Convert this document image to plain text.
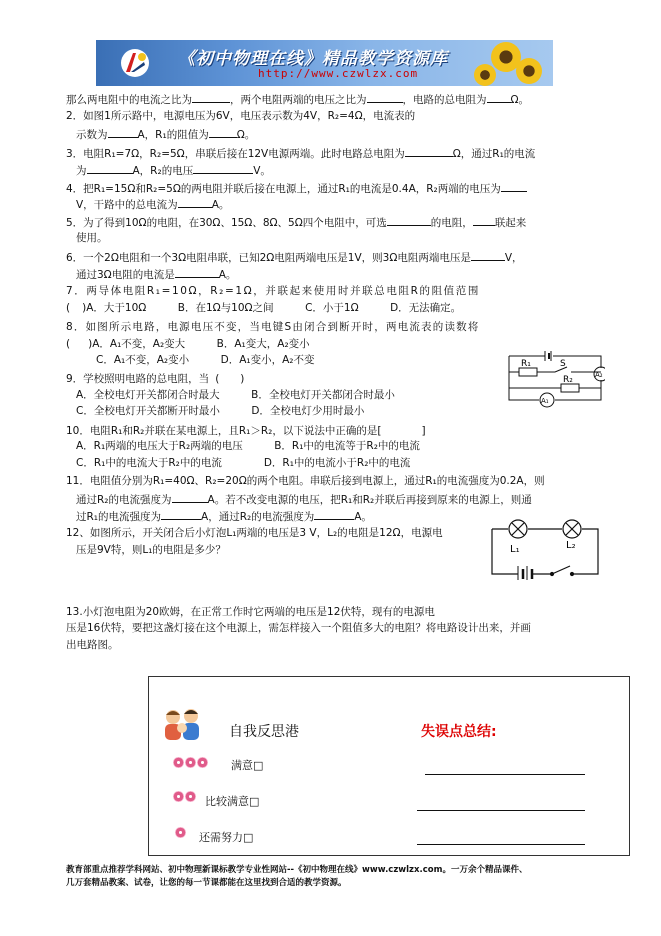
《初中物理在线》精品教学资源库
http://www.czwlzx.com
那么两电阻中的电流之比为	，两个电阻两端的电压之比为	，电路的总电阻为 Ω。
2．如图1所示路中，电源电压为6V，电压表示数为4V，R₂=4Ω，电流表的
示数为	A，R₁的阻值为	Ω。
3．电阻R₁=7Ω，R₂=5Ω，串联后接在12V电源两端。此时电路总电阻为	Ω，通过R₁的电流
为	A，R₂的电压	V。
4．把R₁=15Ω和R₂=5Ω的两电阻并联后接在电源上，通过R₁的电流是0.4A，R₂两端的电压为
V，干路中的总电流为	A。
5．为了得到10Ω的电阻，在30Ω、15Ω、8Ω、5Ω四个电阻中，可选	的电阻， 联起来
使用。
6．一个2Ω电阻和一个3Ω电阻串联，已知2Ω电阻两端电压是1V，则3Ω电阻两端电压是	V，
通过3Ω电阻的电流是	A。
7．两导体电阻R₁=10Ω，R₂=1Ω，并联起来使用时并联总电阻R的阻值范围
( )A．大于10Ω　　　B．在1Ω与10Ω之间　　　C．小于1Ω　　　D．无法确定。
8．如图所示电路，电源电压不变，当电键S由闭合到断开时，两电流表的读数将
( )A．A₁不变，A₂变大　　　B．A₁变大，A₂变小
C．A₁不变，A₂变小　　　D．A₁变小，A₂不变
9．学校照明电路的总电阻，当 (　　)
A．全校电灯开关都闭合时最大　　　B．全校电灯开关都闭合时最小
C．全校电灯开关都断开时最小　　　D．全校电灯少用时最小
10．电阻R₁和R₂并联在某电源上，且R₁＞R₂，以下说法中正确的是[	]
A．R₁两端的电压大于R₂两端的电压　　　B．R₁中的电流等于R₂中的电流
C．R₁中的电流大于R₂中的电流　　　　D．R₁中的电流小于R₂中的电流
11．电阻值分别为R₁=40Ω、R₂=20Ω的两个电阻。串联后接到电源上，通过R₁的电流强度为0.2A，则
通过R₂的电流强度为	A。若不改变电源的电压，把R₁和R₂并联后再接到原来的电源上，则通
过R₁的电流强度为	A，通过R₂的电流强度为	A。
12、如图所示，开关闭合后小灯泡L₁两端的电压是3 V，L₂的电阻是12Ω，电源电
压是9V特，则L₁的电阻是多少？
13.小灯泡电阻为20欧姆，在正常工作时它两端的电压是12伏特，现有的电源电
压是16伏特，要把这盏灯接在这个电源上，需怎样接入一个阻值多大的电阻？将电路设计出来，并画
出电路图。
R₁
R₂
S
A₂
A₁
L₁	L₂
自我反思港	失误点总结:
满意□
比较满意□
还需努力□
教育部重点推荐学科网站、初中物理新课标教学专业性网站--《初中物理在线》www.czwlzx.com。一万余个精品课件、
几万套精品教案、试卷，让您的每一节课都能在这里找到合适的教学资源。
